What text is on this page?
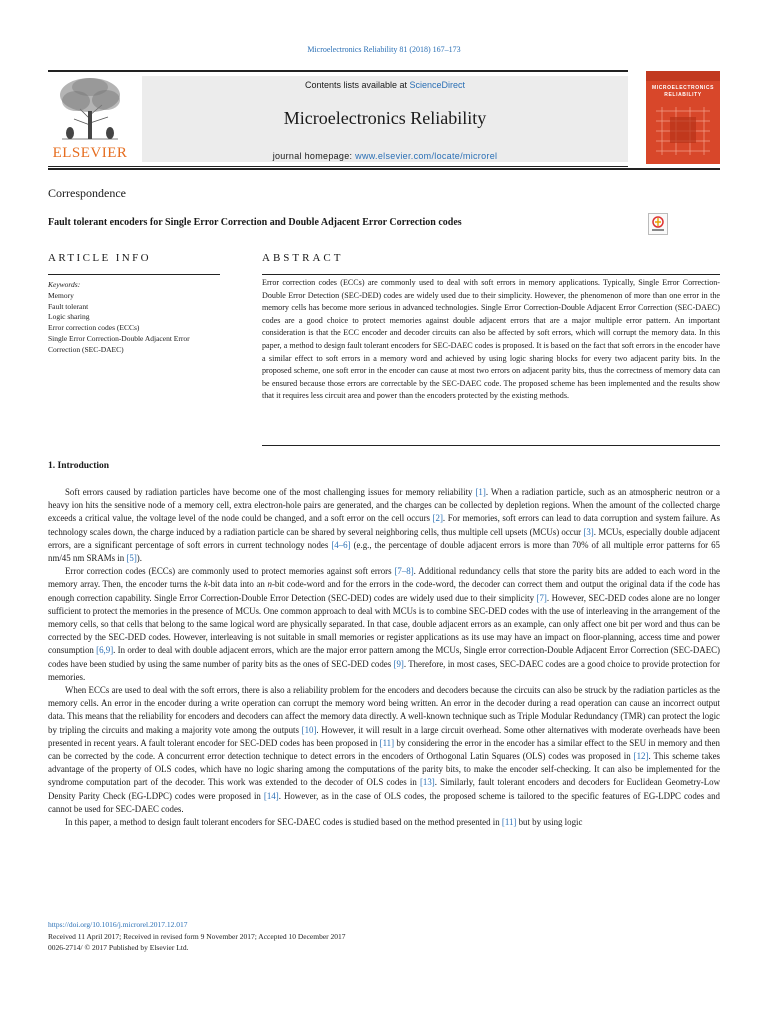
Microelectronics Reliability 81 (2018) 167–173
ELSEVIER
Contents lists available at ScienceDirect
Microelectronics Reliability
journal homepage: www.elsevier.com/locate/microrel
MICROELECTRONICS
RELIABILITY
Correspondence
Fault tolerant encoders for Single Error Correction and Double Adjacent Error Correction codes
ARTICLE INFO
Keywords:
Memory
Fault tolerant
Logic sharing
Error correction codes (ECCs)
Single Error Correction-Double Adjacent Error Correction (SEC-DAEC)
ABSTRACT
Error correction codes (ECCs) are commonly used to deal with soft errors in memory applications. Typically, Single Error Correction-Double Error Detection (SEC-DED) codes are widely used due to their simplicity. However, the phenomenon of more than one error in the memory cells has become more serious in advanced technologies. Single Error Correction-Double Adjacent Error Correction (SEC-DAEC) codes are a good choice to protect memories against double adjacent errors that are a major multiple error pattern. An important consideration is that the ECC encoder and decoder circuits can also be affected by soft errors, which will corrupt the memory data. In this paper, a method to design fault tolerant encoders for SEC-DAEC codes is proposed. It is based on the fact that soft errors in the encoder have a similar effect to soft errors in a memory word and achieved by using logic sharing blocks for every two adjacent parity bits. In the proposed scheme, one soft error in the encoder can cause at most two errors on adjacent parity bits, thus the correctness of memory data can be ensured because those errors are correctable by the SEC-DAEC code. The proposed scheme has been implemented and the results show that it requires less circuit area and power than the encoders protected by the existing methods.
1. Introduction

Soft errors caused by radiation particles have become one of the most challenging issues for memory reliability [1]. When a radiation particle, such as an atmospheric neutron or a heavy ion hits the sensitive node of a memory cell, extra electron-hole pairs are generated, and the charges can be collected by depletion regions. When the amount of the collected charge exceeds a critical value, the voltage level of the node could be changed, and a soft error on the cell occurs [2]. For memories, soft errors can lead to data corruption and system failure. As technology scales down, the charge induced by a radiation particle can be shared by several neighboring cells, thus multiple cell upsets (MCUs) occur [3]. MCUs, especially double adjacent errors, are a significant percentage of soft errors in current technology nodes [4–6] (e.g., the percentage of double adjacent errors is more than 70% of all multiple error patterns for 65 nm/45 nm SRAMs in [5]).

Error correction codes (ECCs) are commonly used to protect memories against soft errors [7–8]. Additional redundancy cells that store the parity bits are added to each word in the memory array. Then, the encoder turns the k-bit data into an n-bit code-word and for the errors in the code-word, the decoder can correct them and output the original data if the code has enough correction capability. Single Error Correction-Double Error Detection (SEC-DED) codes are widely used due to their simplicity [7]. However, SEC-DED codes alone are no longer sufficient to protect the memories in the presence of MCUs. One common approach to deal with MCUs is to combine SEC-DED codes with the use of interleaving in the arrangement of the memory cells, so that cells that belong to the same logical word are physically separated. In that case, double adjacent errors as an example, can only affect one bit per word and thus can be corrected by the SEC-DED codes. However, interleaving is not suitable in small memories or register applications as its use may have an impact on floor-planning, access time and power consumption [6,9]. In order to deal with double adjacent errors, which are the major error pattern among the MCUs, Single error correction-Double Adjacent Error Correction (SEC-DAEC) codes have been studied by using the same number of parity bits as the ones of SEC-DED codes [9]. Therefore, in most cases, SEC-DAEC codes are a good choice to provide protection for memories.

When ECCs are used to deal with the soft errors, there is also a reliability problem for the encoders and decoders because the circuits can also be struck by the radiation particles as the memory cells. An error in the encoder during a write operation can corrupt the memory word being written. An error in the decoder during a read operation can cause an incorrect output data. This means that the reliability for encoders and decoders can affect the memory data directly. A well-known technique such as Triple Modular Redundancy (TMR) can protect the logic by tripling the circuits and making a majority vote among the outputs [10]. However, it will result in a large circuit overhead. Some other alternatives with moderate overheads have been presented in recent years. A fault tolerant encoder for SEC-DED codes has been proposed in [11] by considering the error in the encoder has a similar effect to the SEU in memory and then can be corrected by the code. A concurrent error detection technique to detect errors in the encoders of Orthogonal Latin Squares (OLS) codes was proposed in [12]. This scheme takes advantage of the property of OLS codes, which have no logic sharing among the computations of the parity bits, to make the encoder self-checking. It can also be implemented for the syndrome computation part of the decoder. This work was extended to the decoder of OLS codes in [13]. Similarly, fault tolerant encoders and decoders for Euclidean Geometry-Low Density Parity Check (EG-LDPC) codes were proposed in [14]. However, as in the case of OLS codes, the proposed scheme is tailored to the specific features of EG-LDPC codes and cannot be used for SEC-DAEC codes.

In this paper, a method to design fault tolerant encoders for SEC-DAEC codes is studied based on the method presented in [11] but by using logic

https://doi.org/10.1016/j.microrel.2017.12.017
Received 11 April 2017; Received in revised form 9 November 2017; Accepted 10 December 2017
0026-2714/ © 2017 Published by Elsevier Ltd.
